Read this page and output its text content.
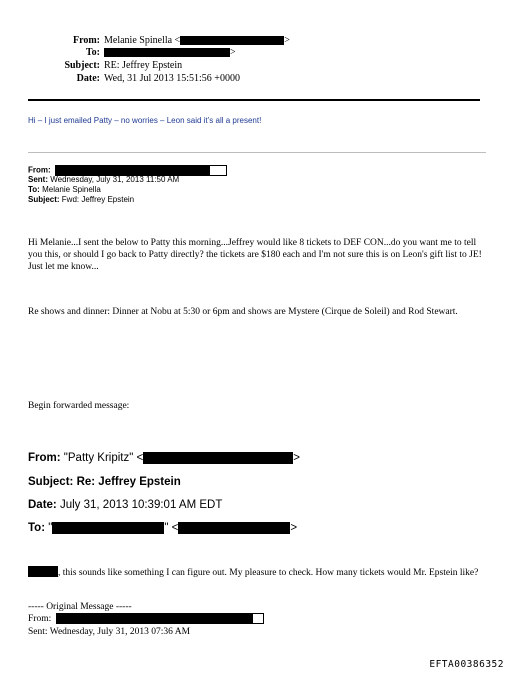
From: Melanie Spinella <	>
To:	>
Subject: RE: Jeffrey Epstein
Date: Wed, 31 Jul 2013 15:51:56 +0000
Hi – I just emailed Patty – no worries – Leon said it’s all a present!
From:
Sent: Wednesday, July 31, 2013 11:50 AM
To: Melanie Spinella
Subject: Fwd: Jeffrey Epstein
Hi Melanie...I sent the below to Patty this morning...Jeffrey would like 8 tickets to DEF CON...do you want me to tell you this, or should I go back to Patty directly? the tickets are $180 each and I'm not sure this is on Leon's gift list to JE! Just let me know...
Re shows and dinner: Dinner at Nobu at 5:30 or 6pm and shows are Mystere (Cirque de Soleil) and Rod Stewart.
Begin forwarded message:
From: "Patty Kripitz" <	>
Subject: Re: Jeffrey Epstein
Date: July 31, 2013 10:39:01 AM EDT
To: "	" <	>
, this sounds like something I can figure out. My pleasure to check. How many tickets would Mr. Epstein like?
----- Original Message -----
From:
Sent: Wednesday, July 31, 2013 07:36 AM
EFTA00386352
